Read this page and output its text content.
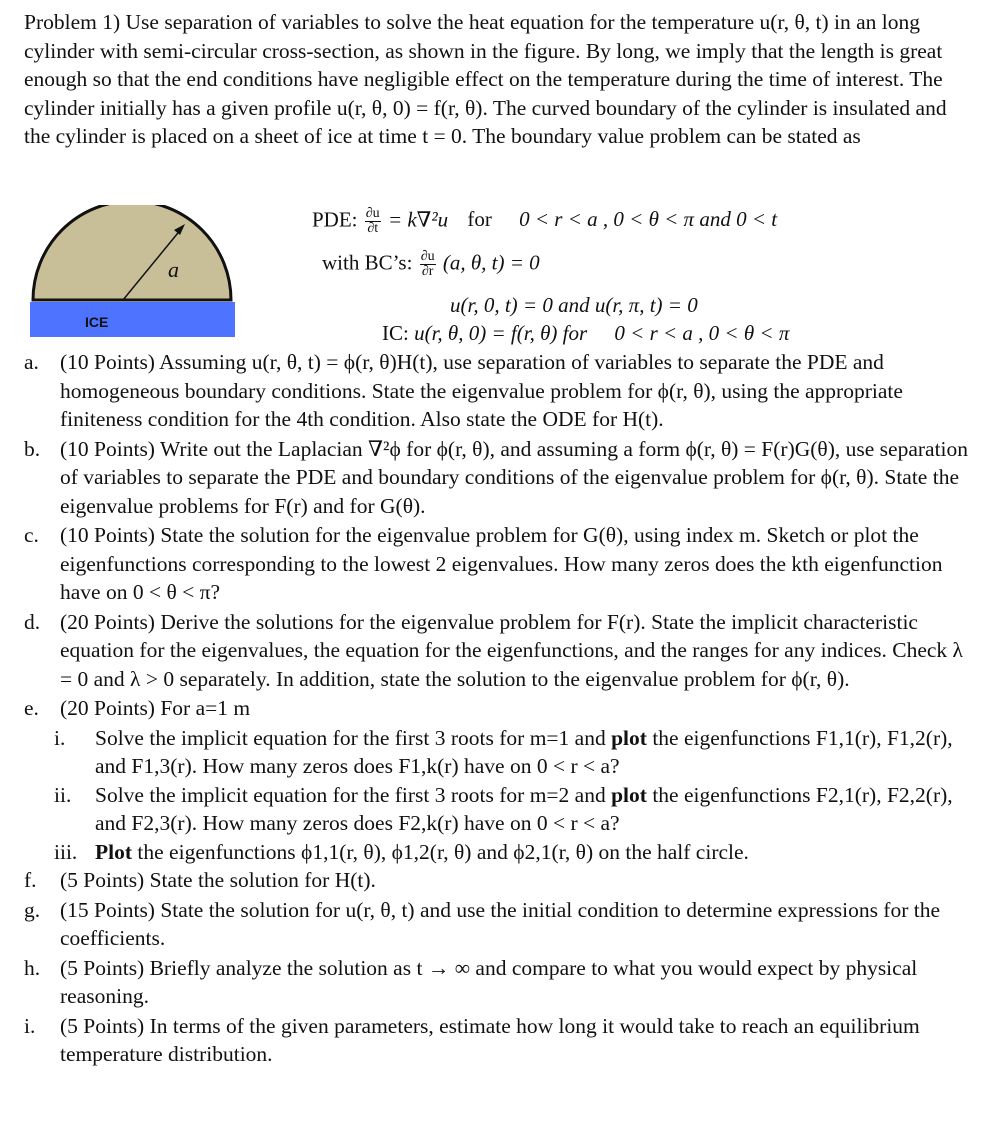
Problem 1) Use separation of variables to solve the heat equation for the temperature u(r, θ, t) in an long cylinder with semi-circular cross-section, as shown in the figure. By long, we imply that the length is great enough so that the end conditions have negligible effect on the temperature during the time of interest. The cylinder initially has a given profile u(r, θ, 0) = f(r, θ). The curved boundary of the cylinder is insulated and the cylinder is placed on a sheet of ice at time t = 0. The boundary value problem can be stated as
a
ICE
PDE: $\frac{\partial u}{\partial t} = k\nabla^2u$ for 0 < r < a , 0 < θ < π and 0 < t
with BC’s: $\frac{\partial u}{\partial r} (a$, θ, t) = 0
u(r, 0, t) = 0 and u(r, π, t) = 0
IC: u(r, θ, 0) = f(r, θ) for 0 < r < a , 0 < θ < π
a. (10 Points) Assuming u(r, θ, t) = ϕ(r, θ)H(t), use separation of variables to separate the PDE and homogeneous boundary conditions. State the eigenvalue problem for ϕ(r, θ), using the appropriate finiteness condition for the 4th condition. Also state the ODE for H(t).
b. (10 Points) Write out the Laplacian ∇²ϕ for ϕ(r, θ), and assuming a form ϕ(r, θ) = F(r)G(θ), use separation of variables to separate the PDE and boundary conditions of the eigenvalue problem for ϕ(r, θ). State the eigenvalue problems for F(r) and for G(θ).
c. (10 Points) State the solution for the eigenvalue problem for G(θ), using index m. Sketch or plot the eigenfunctions corresponding to the lowest 2 eigenvalues. How many zeros does the kth eigenfunction have on 0 < θ < π?
d. (20 Points) Derive the solutions for the eigenvalue problem for F(r). State the implicit characteristic equation for the eigenvalues, the equation for the eigenfunctions, and the ranges for any indices. Check λ = 0 and λ > 0 separately. In addition, state the solution to the eigenvalue problem for ϕ(r, θ).
e. (20 Points) For a=1 m
i. Solve the implicit equation for the first 3 roots for m=1 and plot the eigenfunctions F1,1(r), F1,2(r), and F1,3(r). How many zeros does F1,k(r) have on 0 < r < a?
ii. Solve the implicit equation for the first 3 roots for m=2 and plot the eigenfunctions F2,1(r), F2,2(r), and F2,3(r). How many zeros does F2,k(r) have on 0 < r < a?
iii. Plot the eigenfunctions ϕ1,1(r, θ), ϕ1,2(r, θ) and ϕ2,1(r, θ) on the half circle.
f. (5 Points) State the solution for H(t).
g. (15 Points) State the solution for u(r, θ, t) and use the initial condition to determine expressions for the coefficients.
h. (5 Points) Briefly analyze the solution as t → ∞ and compare to what you would expect by physical reasoning.
i. (5 Points) In terms of the given parameters, estimate how long it would take to reach an equilibrium temperature distribution.
